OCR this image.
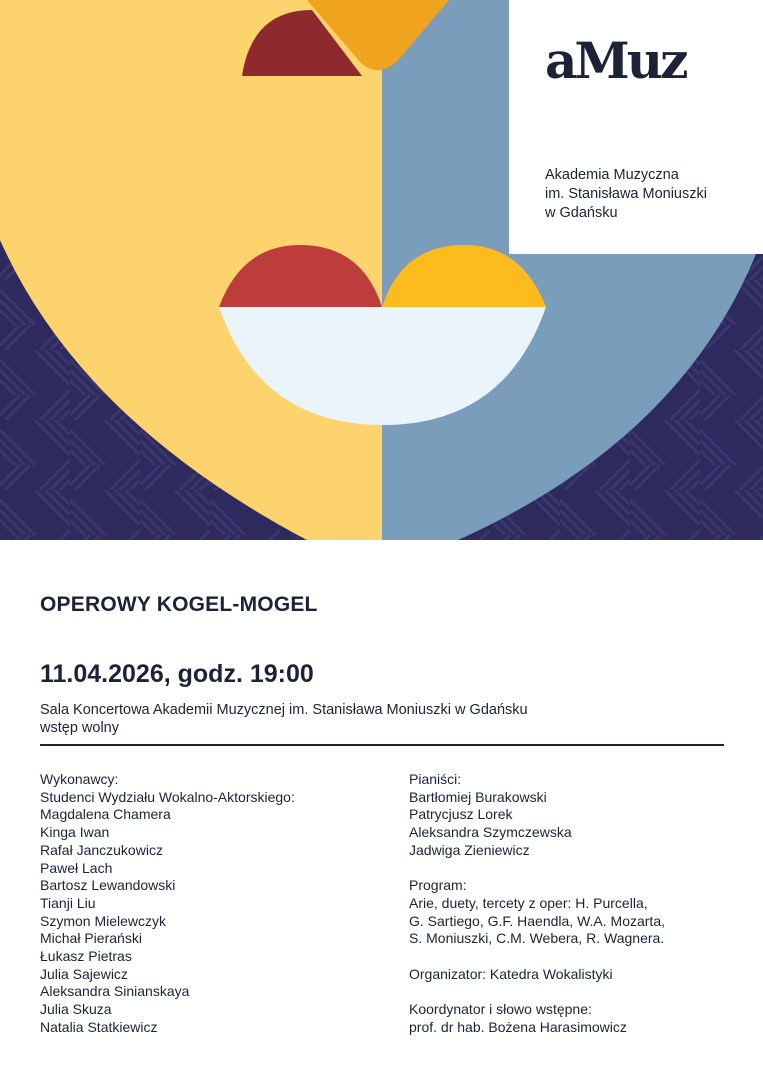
aMuz
Akademia Muzyczna
im. Stanisława Moniuszki
w Gdańsku
OPEROWY KOGEL-MOGEL
11.04.2026, godz. 19:00
Sala Koncertowa Akademii Muzycznej im. Stanisława Moniuszki w Gdańsku
wstęp wolny
Wykonawcy:
Studenci Wydziału Wokalno-Aktorskiego:
Magdalena Chamera
Kinga Iwan
Rafał Janczukowicz
Paweł Lach
Bartosz Lewandowski
Tianji Liu
Szymon Mielewczyk
Michał Pierański
Łukasz Pietras
Julia Sajewicz
Aleksandra Sinianskaya
Julia Skuza
Natalia Statkiewicz
Pianiści:
Bartłomiej Burakowski
Patrycjusz Lorek
Aleksandra Szymczewska
Jadwiga Zieniewicz
Program:
Arie, duety, tercety z oper: H. Purcella,
G. Sartiego, G.F. Haendla, W.A. Mozarta,
S. Moniuszki, C.M. Webera, R. Wagnera.
Organizator: Katedra Wokalistyki
Koordynator i słowo wstępne:
prof. dr hab. Bożena Harasimowicz
